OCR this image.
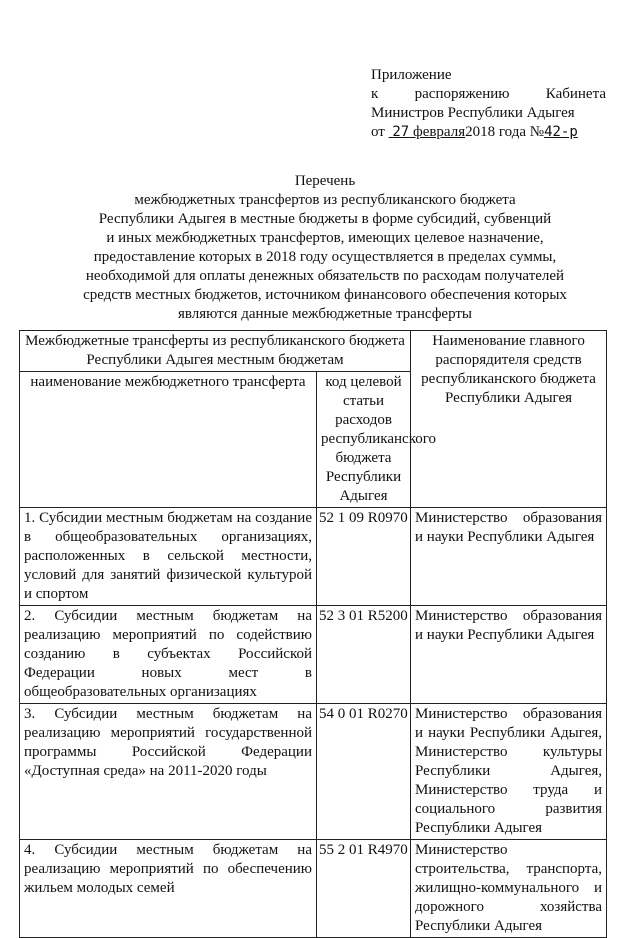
Приложение
к распоряжению Кабинета
Министров Республики Адыгея
от 27 февраля2018 года №42-р
Перечень
межбюджетных трансфертов из республиканского бюджета
Республики Адыгея в местные бюджеты в форме субсидий, субвенций
и иных межбюджетных трансфертов, имеющих целевое назначение,
предоставление которых в 2018 году осуществляется в пределах суммы,
необходимой для оплаты денежных обязательств по расходам получателей
средств местных бюджетов, источником финансового обеспечения которых
являются данные межбюджетные трансферты
Межбюджетные трансферты из республиканского бюджета Республики Адыгея местным бюджетам		Наименование главного распорядителя средств республиканского бюджета Республики Адыгея
наименование межбюджетного трансферта	код целевой статьи расходов республиканского бюджета Республики Адыгея	
1. Субсидии местным бюджетам на создание в общеобразовательных организациях, расположенных в сельской местности, условий для занятий физической культурой и спортом	52 1 09 R0970	Министерство образования и науки Республики Адыгея
2. Субсидии местным бюджетам на реализацию мероприятий по содействию созданию в субъектах Российской Федерации новых мест в общеобразовательных организациях	52 3 01 R5200	Министерство образования и науки Республики Адыгея
3. Субсидии местным бюджетам на реализацию мероприятий государственной программы Российской Федерации «Доступная среда» на 2011-2020 годы	54 0 01 R0270	Министерство образования и науки Республики Адыгея, Министерство культуры Республики Адыгея, Министерство труда и социального развития Республики Адыгея
4. Субсидии местным бюджетам на реализацию мероприятий по обеспечению жильем молодых семей	55 2 01 R4970	Министерство строительства, транспорта, жилищно-коммунального и дорожного хозяйства Республики Адыгея
